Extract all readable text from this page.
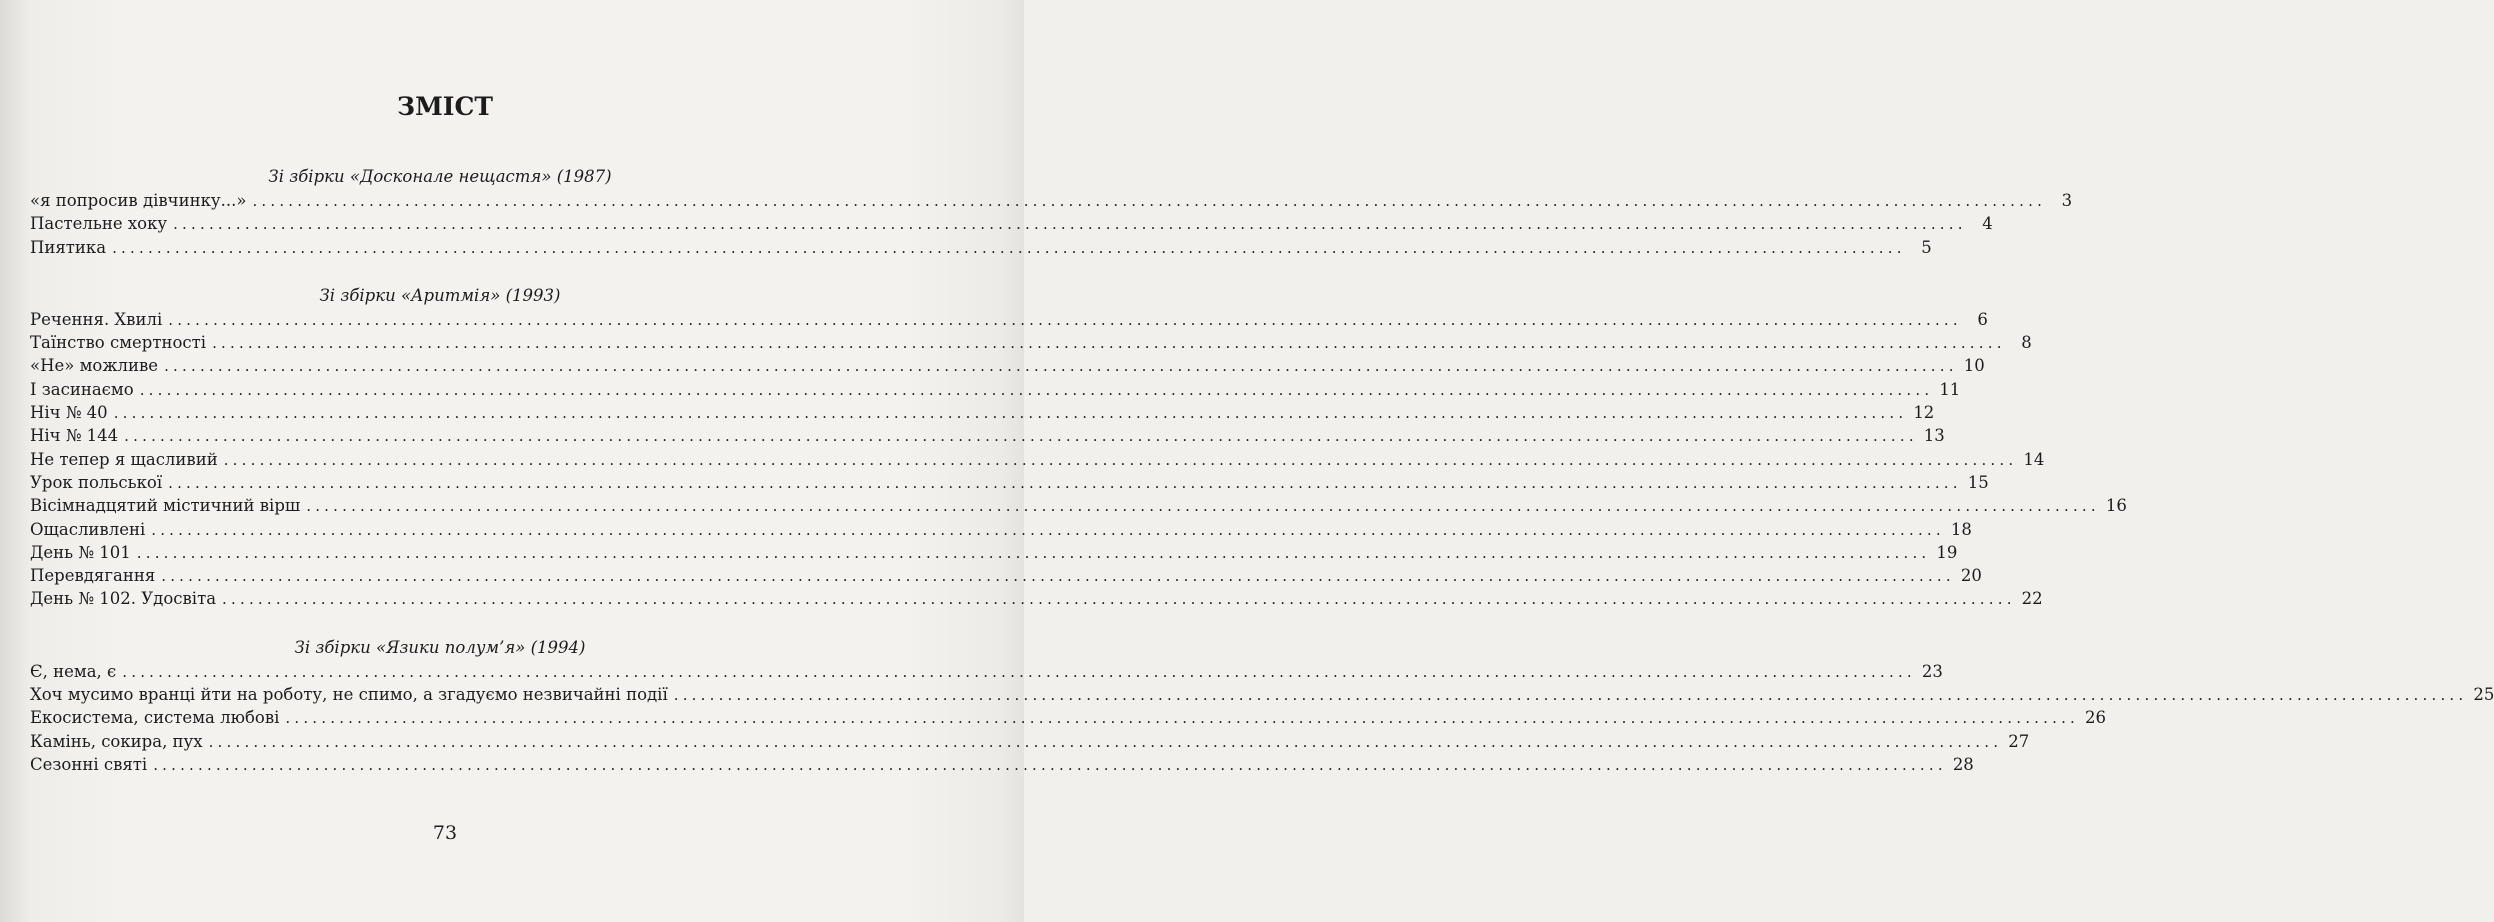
ЗМІСТ
Зі збірки «Досконале нещастя» (1987)
«я попросив дівчинку...» ........................................................................................................................................................................................................ 3
Пастельне хоку ........................................................................................................................................................................................................ 4
Пиятика ........................................................................................................................................................................................................ 5
Зі збірки «Аритмія» (1993)
Речення. Хвилі ........................................................................................................................................................................................................ 6
Таїнство смертності ........................................................................................................................................................................................................ 8
«Не» можливе ........................................................................................................................................................................................................ 10
І засинаємо ........................................................................................................................................................................................................ 11
Ніч № 40 ........................................................................................................................................................................................................ 12
Ніч № 144 ........................................................................................................................................................................................................ 13
Не тепер я щасливий ........................................................................................................................................................................................................ 14
Урок польської ........................................................................................................................................................................................................ 15
Вісімнадцятий містичний вірш ........................................................................................................................................................................................................ 16
Ощасливлені ........................................................................................................................................................................................................ 18
День № 101 ........................................................................................................................................................................................................ 19
Перевдягання ........................................................................................................................................................................................................ 20
День № 102. Удосвіта ........................................................................................................................................................................................................ 22
Зі збірки «Язики полум’я» (1994)
Є, нема, є ........................................................................................................................................................................................................ 23
Хоч мусимо вранці йти на роботу, не спимо, а згадуємо незвичайні події ........................................................................................................................................................................................................ 25
Екосистема, система любові ........................................................................................................................................................................................................ 26
Камінь, сокира, пух ........................................................................................................................................................................................................ 27
Сезонні святі ........................................................................................................................................................................................................ 28
73
